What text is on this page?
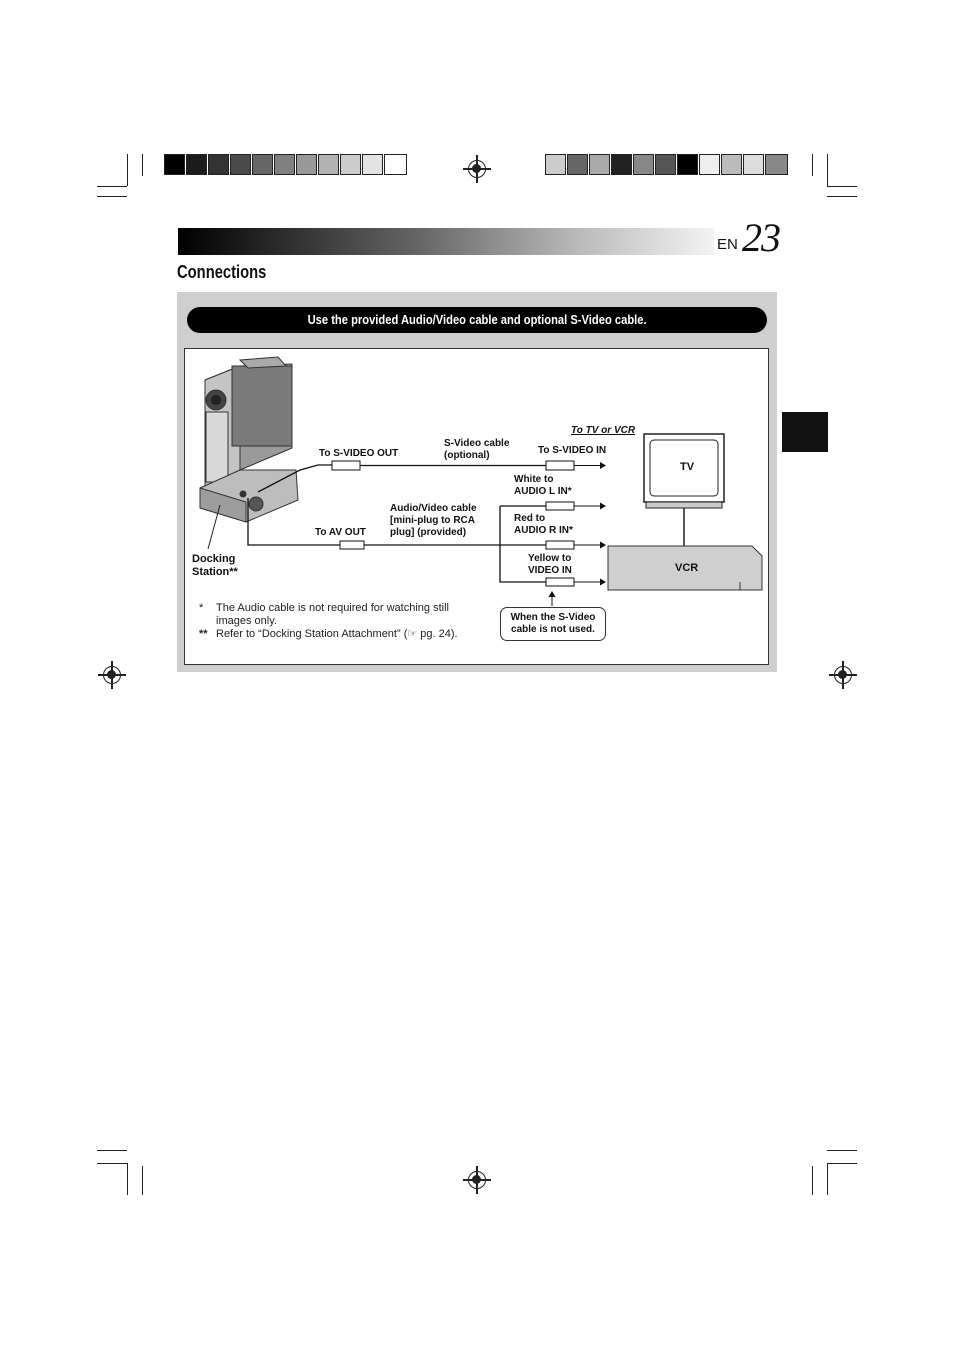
EN 23
Connections
Use the provided Audio/Video cable and optional S-Video cable.
To TV or VCR
To S-VIDEO OUT
S-Video cable
(optional)	To S-VIDEO IN
TV
VCR
White to
AUDIO L IN*
Red to
AUDIO R IN*
Yellow to
VIDEO IN
Audio/Video cable
[mini-plug to RCA
plug] (provided)
To AV OUT
Docking
Station**
When the S-Video
cable is not used.
* The Audio cable is not required for watching still images only.
** Refer to “Docking Station Attachment” (☞ pg. 24).
